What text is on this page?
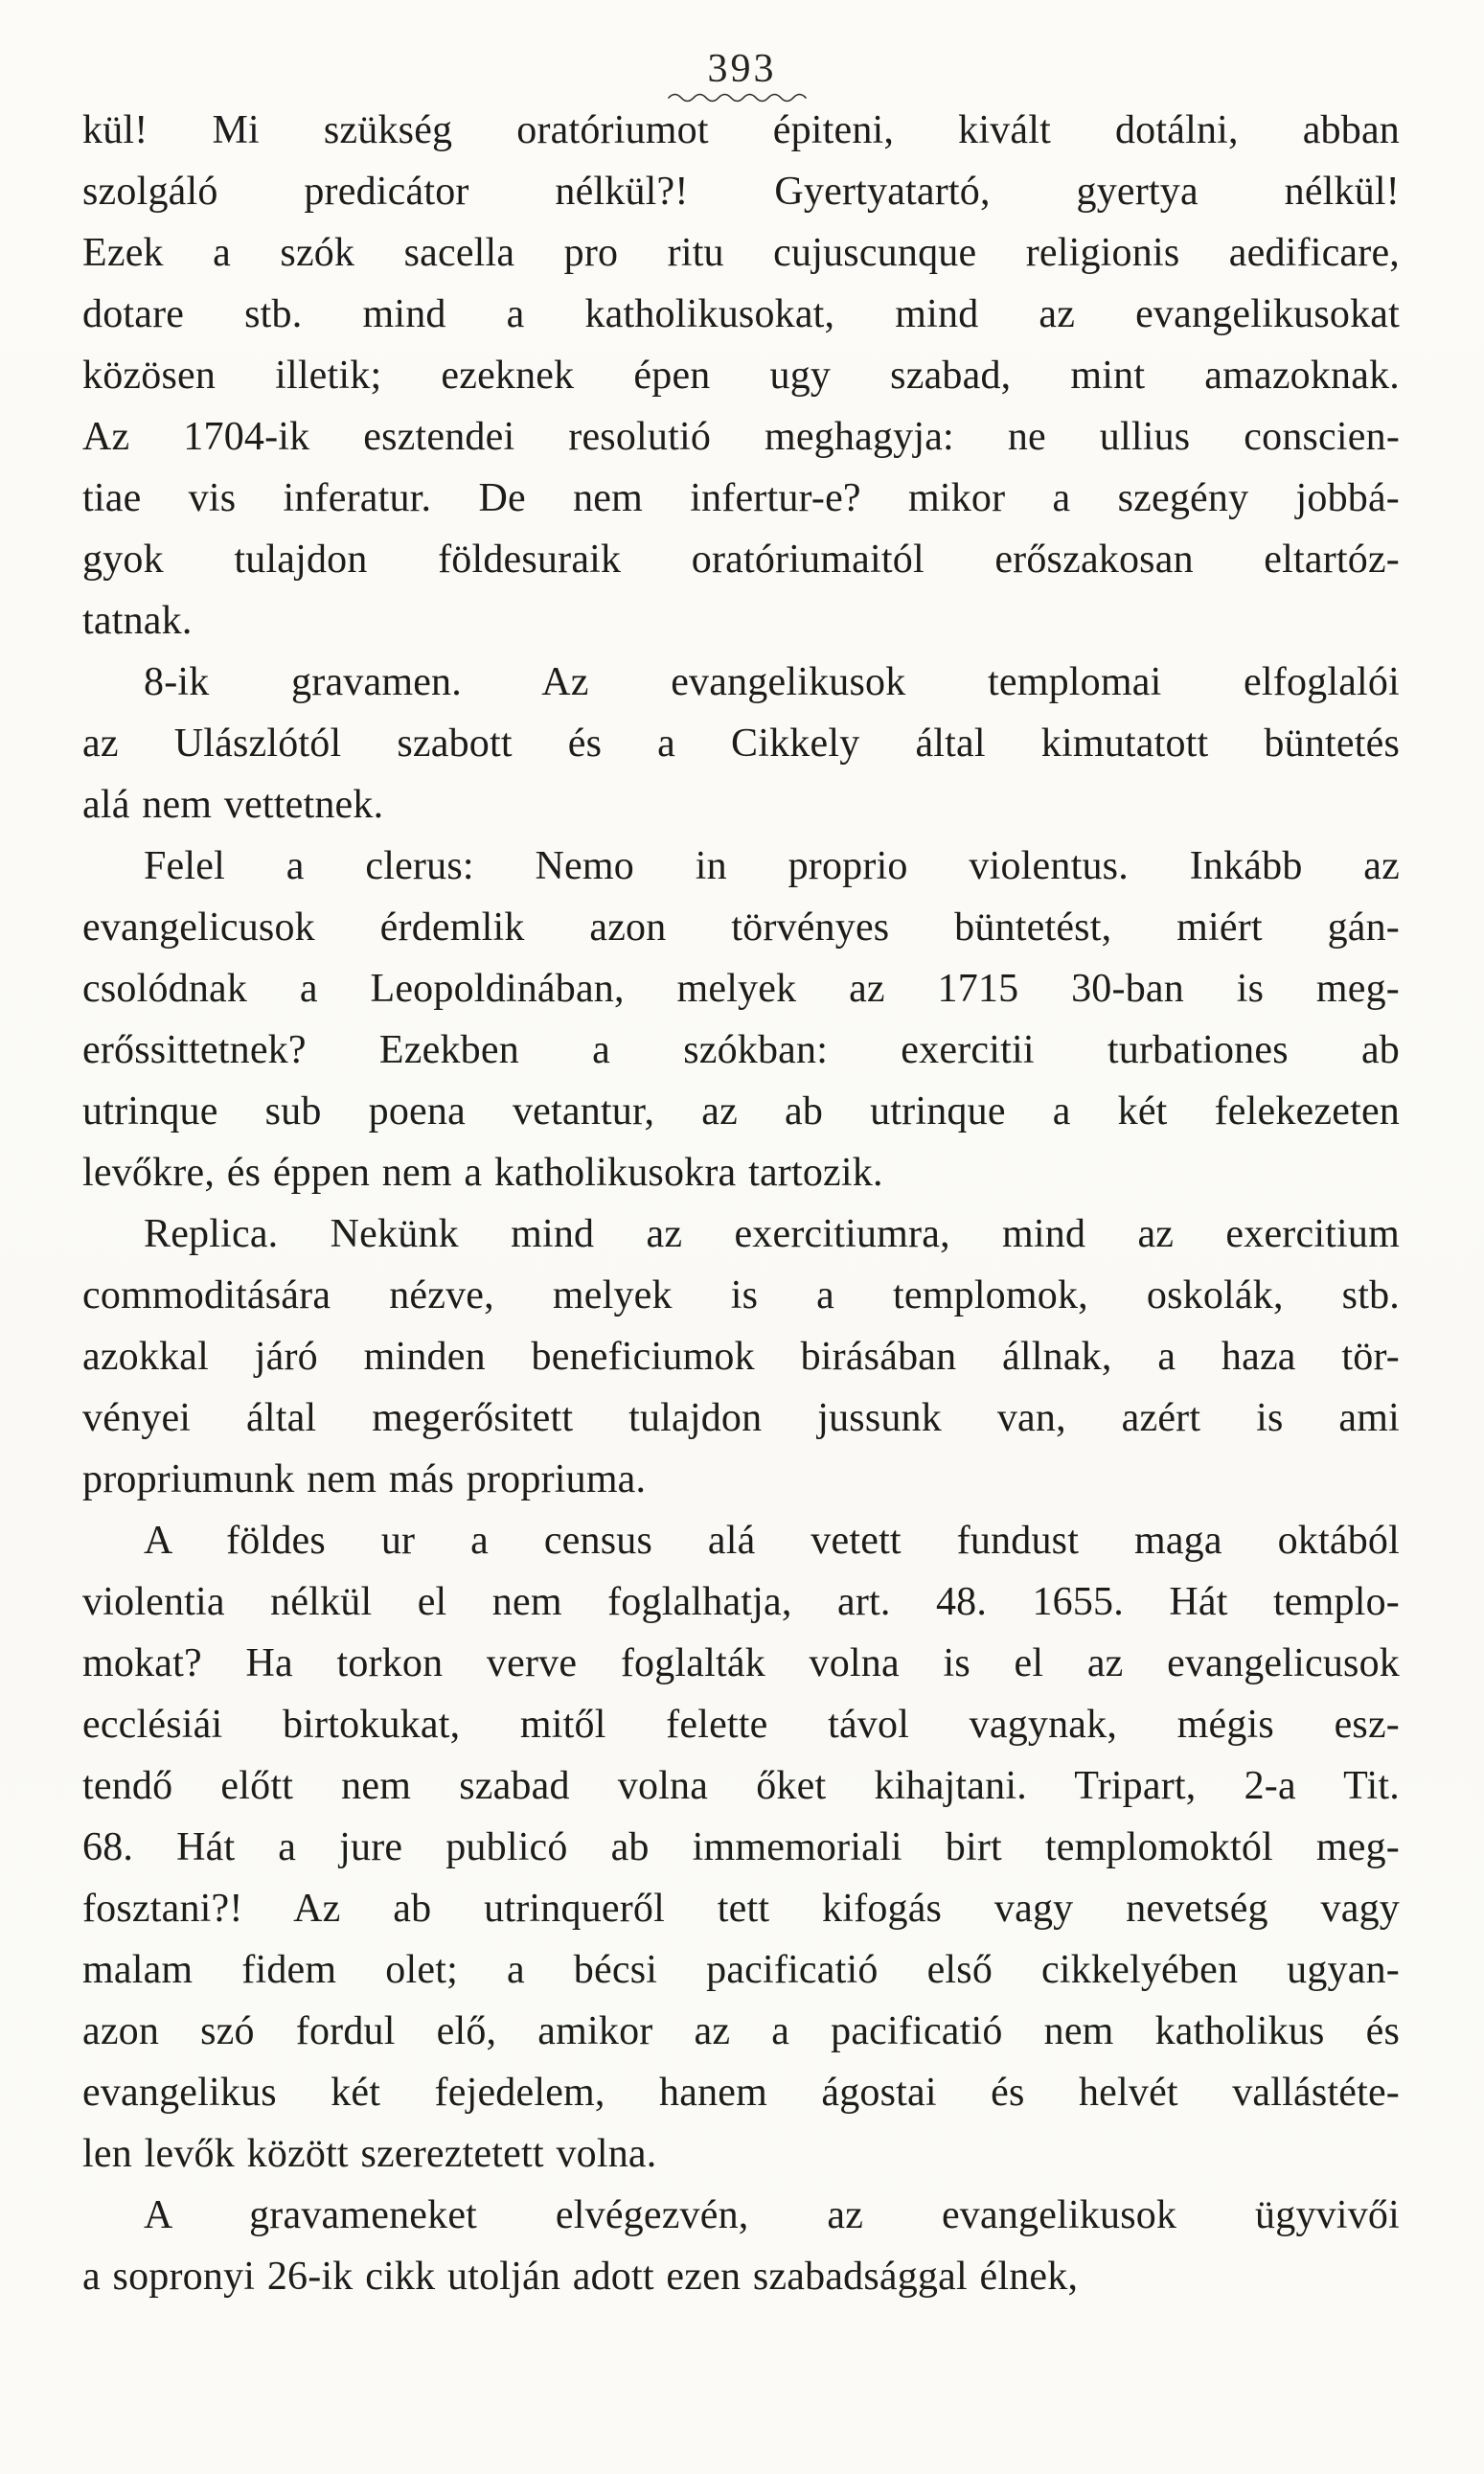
393
kül! Mi szükség oratóriumot épiteni, kivált dotálni, abban
szolgáló predicátor nélkül?! Gyertyatartó, gyertya nélkül!
Ezek a szók sacella pro ritu cujuscunque religionis aedificare,
dotare stb. mind a katholikusokat, mind az evangelikusokat
közösen illetik; ezeknek épen ugy szabad, mint amazoknak.
Az 1704-ik esztendei resolutió meghagyja: ne ullius conscien-
tiae vis inferatur. De nem infertur-e? mikor a szegény jobbá-
gyok tulajdon földesuraik oratóriumaitól erőszakosan eltartóz-
tatnak.
8-ik gravamen. Az evangelikusok templomai elfoglalói
az Ulászlótól szabott és a Cikkely által kimutatott büntetés
alá nem vettetnek.
Felel a clerus: Nemo in proprio violentus. Inkább az
evangelicusok érdemlik azon törvényes büntetést, miért gán-
csolódnak a Leopoldinában, melyek az 1715 30-ban is meg-
erőssittetnek? Ezekben a szókban: exercitii turbationes ab
utrinque sub poena vetantur, az ab utrinque a két felekezeten
levőkre, és éppen nem a katholikusokra tartozik.
Replica. Nekünk mind az exercitiumra, mind az exercitium
commoditására nézve, melyek is a templomok, oskolák, stb.
azokkal járó minden beneficiumok birásában állnak, a haza tör-
vényei által megerősitett tulajdon jussunk van, azért is ami
propriumunk nem más propriuma.
A földes ur a census alá vetett fundust maga oktából
violentia nélkül el nem foglalhatja, art. 48. 1655. Hát templo-
mokat? Ha torkon verve foglalták volna is el az evangelicusok
ecclésiái birtokukat, mitől felette távol vagynak, mégis esz-
tendő előtt nem szabad volna őket kihajtani. Tripart, 2-a Tit.
68. Hát a jure publicó ab immemoriali birt templomoktól meg-
fosztani?! Az ab utrinqueről tett kifogás vagy nevetség vagy
malam fidem olet; a bécsi pacificatió első cikkelyében ugyan-
azon szó fordul elő, amikor az a pacificatió nem katholikus és
evangelikus két fejedelem, hanem ágostai és helvét vallástéte-
len levők között szereztetett volna.
A gravameneket elvégezvén, az evangelikusok ügyvivői
a sopronyi 26-ik cikk utolján adott ezen szabadsággal élnek,
